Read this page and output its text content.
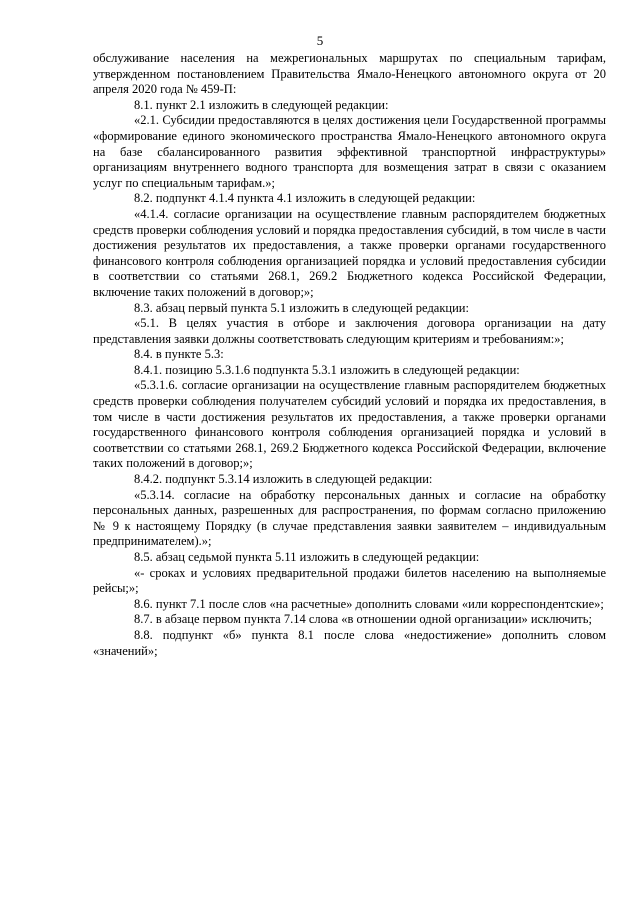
5

обслуживание населения на межрегиональных маршрутах по специальным тарифам, утвержденном постановлением Правительства Ямало-Ненецкого автономного округа от 20 апреля 2020 года № 459-П:

8.1. пункт 2.1 изложить в следующей редакции:

«2.1. Субсидии предоставляются в целях достижения цели Государственной программы «формирование единого экономического пространства Ямало-Ненецкого автономного округа на базе сбалансированного развития эффективной транспортной инфраструктуры» организациям внутреннего водного транспорта для возмещения затрат в связи с оказанием услуг по специальным тарифам.»;

8.2. подпункт 4.1.4 пункта 4.1 изложить в следующей редакции:

«4.1.4. согласие организации на осуществление главным распорядителем бюджетных средств проверки соблюдения условий и порядка предоставления субсидий, в том числе в части достижения результатов их предоставления, а также проверки органами государственного финансового контроля соблюдения организацией порядка и условий предоставления субсидии в соответствии со статьями 268.1, 269.2 Бюджетного кодекса Российской Федерации, включение таких положений в договор;»;

8.3. абзац первый пункта 5.1 изложить в следующей редакции:

«5.1. В целях участия в отборе и заключения договора организации на дату представления заявки должны соответствовать следующим критериям и требованиям:»;

8.4. в пункте 5.3:

8.4.1. позицию 5.3.1.6 подпункта 5.3.1 изложить в следующей редакции:

«5.3.1.6. согласие организации на осуществление главным распорядителем бюджетных средств проверки соблюдения получателем субсидий условий и порядка их предоставления, в том числе в части достижения результатов их предоставления, а также проверки органами государственного финансового контроля соблюдения организацией порядка и условий в соответствии со статьями 268.1, 269.2 Бюджетного кодекса Российской Федерации, включение таких положений в договор;»;

8.4.2. подпункт 5.3.14 изложить в следующей редакции:

«5.3.14. согласие на обработку персональных данных и согласие на обработку персональных данных, разрешенных для распространения, по формам согласно приложению № 9 к настоящему Порядку (в случае представления заявки заявителем – индивидуальным предпринимателем).»;

8.5. абзац седьмой пункта 5.11 изложить в следующей редакции:

«- сроках и условиях предварительной продажи билетов населению на выполняемые рейсы;»;

8.6. пункт 7.1 после слов «на расчетные» дополнить словами «или корреспондентские»;

8.7. в абзаце первом пункта 7.14 слова «в отношении одной организации» исключить;

8.8. подпункт «б» пункта 8.1 после слова «недостижение» дополнить словом «значений»;
